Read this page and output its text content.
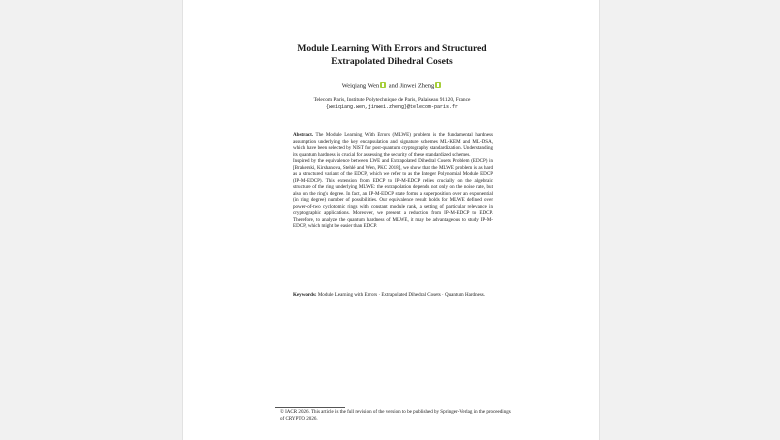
Module Learning With Errors and Structured
Extrapolated Dihedral Cosets
Weiqiang Wen and Jinwei Zheng
Telecom Paris, Institute Polytechnique de Paris, Palaiseau 91120, France
{weiqiang.wen,jinwei.zheng}@telecom-paris.fr

Abstract. The Module Learning With Errors (MLWE) problem is the fundamental hardness assumption underlying the key encapsulation and signature schemes ML-KEM and ML-DSA, which have been selected by NIST for post-quantum cryptography standardization. Understanding its quantum hardness is crucial for assessing the security of these standardized schemes.

Inspired by the equivalence between LWE and Extrapolated Dihedral Cosets Problem (EDCP) in [Brakerski, Kirshanova, Stehlé and Wen, PKC 2018], we show that the MLWE problem is as hard as a structured variant of the EDCP, which we refer to as the Integer Polynomial Module EDCP (IP-M-EDCP). This extension from EDCP to IP-M-EDCP relies crucially on the algebraic structure of the ring underlying MLWE: the extrapolation depends not only on the noise rate, but also on the ring's degree. In fact, an IP-M-EDCP state forms a superposition over an exponential (in ring degree) number of possibilities. Our equivalence result holds for MLWE defined over power-of-two cyclotomic rings with constant module rank, a setting of particular relevance in cryptographic applications. Moreover, we present a reduction from IP-M-EDCP to EDCP. Therefore, to analyze the quantum hardness of MLWE, it may be advantageous to study IP-M-EDCP, which might be easier than EDCP.

Keywords: Module Learning with Errors · Extrapolated Dihedral Cosets · Quantum Hardness.
© IACR 2026. This article is the full revision of the version to be published by Springer-Verlag in the proceedings of CRYPTO 2026.
